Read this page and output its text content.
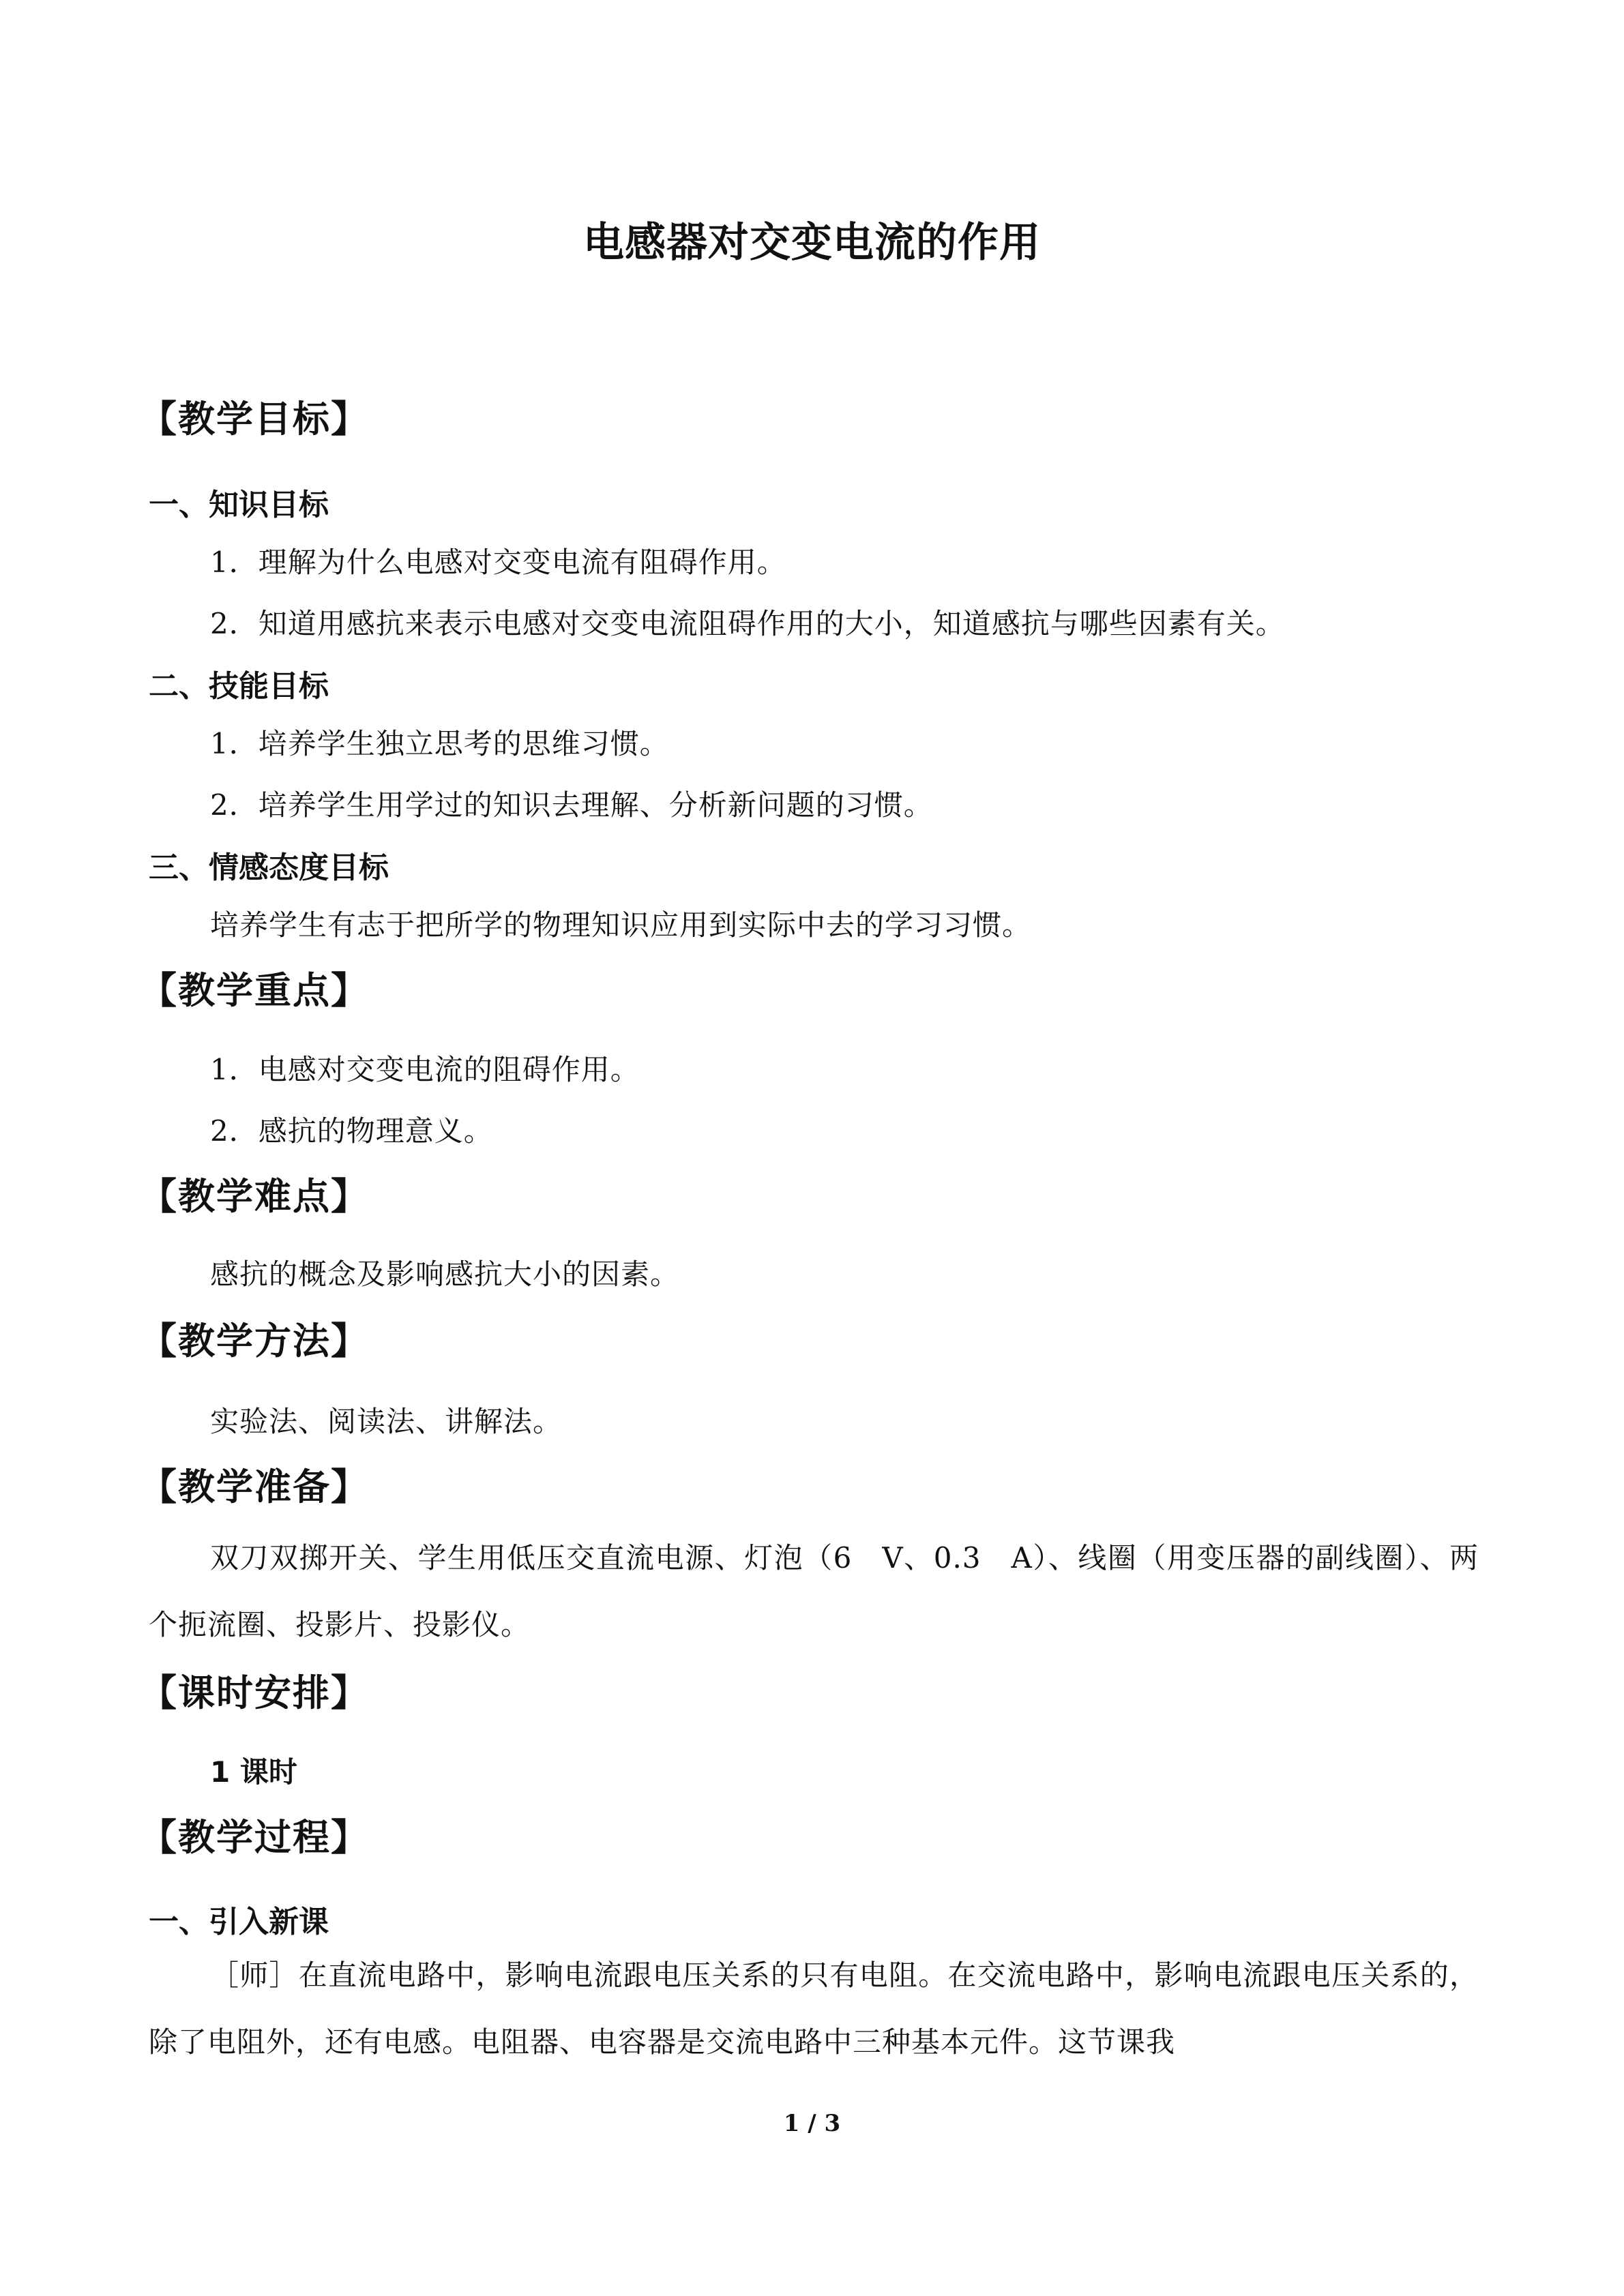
电感器对交变电流的作用
【教学目标】
一、知识目标
1．理解为什么电感对交变电流有阻碍作用。
2．知道用感抗来表示电感对交变电流阻碍作用的大小，知道感抗与哪些因素有关。
二、技能目标
1．培养学生独立思考的思维习惯。
2．培养学生用学过的知识去理解、分析新问题的习惯。
三、情感态度目标
培养学生有志于把所学的物理知识应用到实际中去的学习习惯。
【教学重点】
1．电感对交变电流的阻碍作用。
2．感抗的物理意义。
【教学难点】
感抗的概念及影响感抗大小的因素。
【教学方法】
实验法、阅读法、讲解法。
【教学准备】
双刀双掷开关、学生用低压交直流电源、灯泡（6　V、0.3　A）、线圈（用变压器的副线圈）、两个扼流圈、投影片、投影仪。
【课时安排】
1 课时
【教学过程】
一、引入新课
［师］在直流电路中，影响电流跟电压关系的只有电阻。在交流电路中，影响电流跟电压关系的，除了电阻外，还有电感。电阻器、电容器是交流电路中三种基本元件。这节课我
1 / 3
